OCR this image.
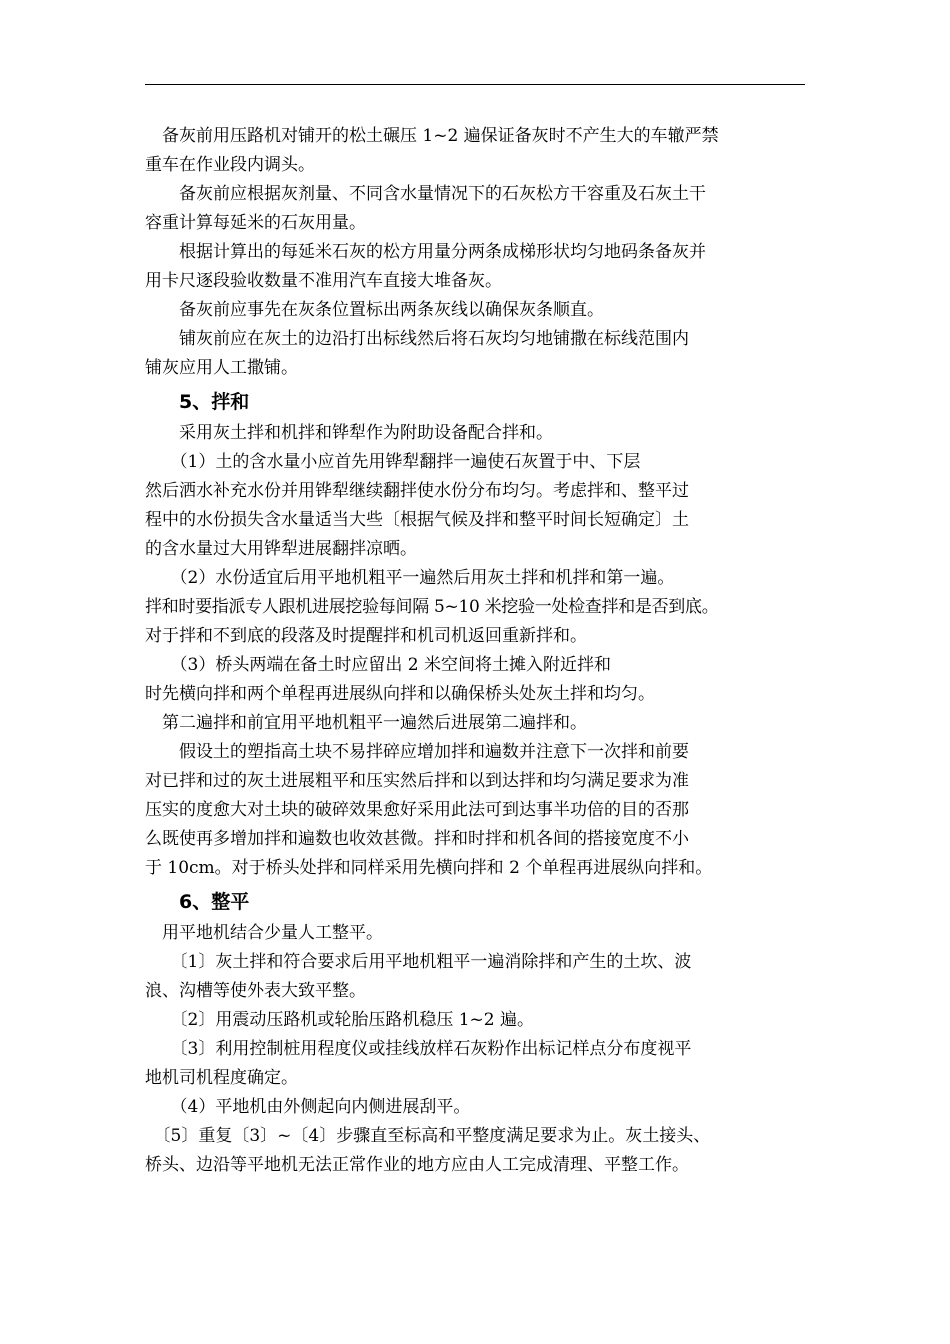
　备灰前用压路机对铺开的松土碾压 1~2 遍保证备灰时不产生大的车辙严禁

重车在作业段内调头。

　　备灰前应根据灰剂量、不同含水量情况下的石灰松方干容重及石灰土干

容重计算每延米的石灰用量。

　　根据计算出的每延米石灰的松方用量分两条成梯形状均匀地码条备灰并

用卡尺逐段验收数量不准用汽车直接大堆备灰。

　　备灰前应事先在灰条位置标出两条灰线以确保灰条顺直。

　　铺灰前应在灰土的边沿打出标线然后将石灰均匀地铺撒在标线范围内

铺灰应用人工撒铺。

5、拌和

　　采用灰土拌和机拌和铧犁作为附助设备配合拌和。

　　（1）土的含水量小应首先用铧犁翻拌一遍使石灰置于中、下层

然后洒水补充水份并用铧犁继续翻拌使水份分布均匀。考虑拌和、整平过

程中的水份损失含水量适当大些〔根据气候及拌和整平时间长短确定〕土

的含水量过大用铧犁进展翻拌凉晒。

　　（2）水份适宜后用平地机粗平一遍然后用灰土拌和机拌和第一遍。

拌和时要指派专人跟机进展挖验每间隔 5~10 米挖验一处检查拌和是否到底。

对于拌和不到底的段落及时提醒拌和机司机返回重新拌和。

　　（3）桥头两端在备土时应留出 2 米空间将土摊入附近拌和

时先横向拌和两个单程再进展纵向拌和以确保桥头处灰土拌和均匀。

　第二遍拌和前宜用平地机粗平一遍然后进展第二遍拌和。

　　假设土的塑指高土块不易拌碎应增加拌和遍数并注意下一次拌和前要

对已拌和过的灰土进展粗平和压实然后拌和以到达拌和均匀满足要求为准

压实的度愈大对土块的破碎效果愈好采用此法可到达事半功倍的目的否那

么既使再多增加拌和遍数也收效甚微。拌和时拌和机各间的搭接宽度不小

于 10cm。对于桥头处拌和同样采用先横向拌和 2 个单程再进展纵向拌和。

6、整平

　用平地机结合少量人工整平。

　　〔1〕灰土拌和符合要求后用平地机粗平一遍消除拌和产生的土坎、波

浪、沟槽等使外表大致平整。

　　〔2〕用震动压路机或轮胎压路机稳压 1~2 遍。

　　〔3〕利用控制桩用程度仪或挂线放样石灰粉作出标记样点分布度视平

地机司机程度确定。

　　（4）平地机由外侧起向内侧进展刮平。

　〔5〕重复〔3〕~〔4〕步骤直至标高和平整度满足要求为止。灰土接头、

桥头、边沿等平地机无法正常作业的地方应由人工完成清理、平整工作。
